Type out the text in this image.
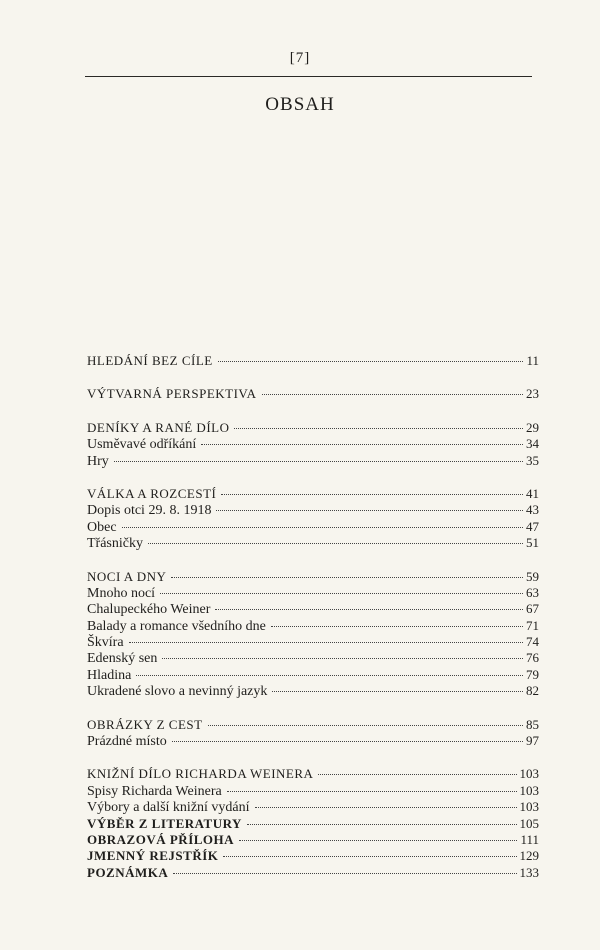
[7]
OBSAH
HLEDÁNÍ BEZ CÍLE	11
VÝTVARNÁ PERSPEKTIVA	23
DENÍKY A RANÉ DÍLO	29
Usměvavé odříkání	34
Hry	35
VÁLKA A ROZCESTÍ	41
Dopis otci 29. 8. 1918	43
Obec	47
Třásničky	51
NOCI A DNY	59
Mnoho nocí	63
Chalupeckého Weiner	67
Balady a romance všedního dne	71
Škvíra	74
Edenský sen	76
Hladina	79
Ukradené slovo a nevinný jazyk	82
OBRÁZKY Z CEST	85
Prázdné místo	97
KNIŽNÍ DÍLO RICHARDA WEINERA	103
Spisy Richarda Weinera	103
Výbory a další knižní vydání	103
VÝBĚR Z LITERATURY	105
OBRAZOVÁ PŘÍLOHA	111
JMENNÝ REJSTŘÍK	129
POZNÁMKA	133
